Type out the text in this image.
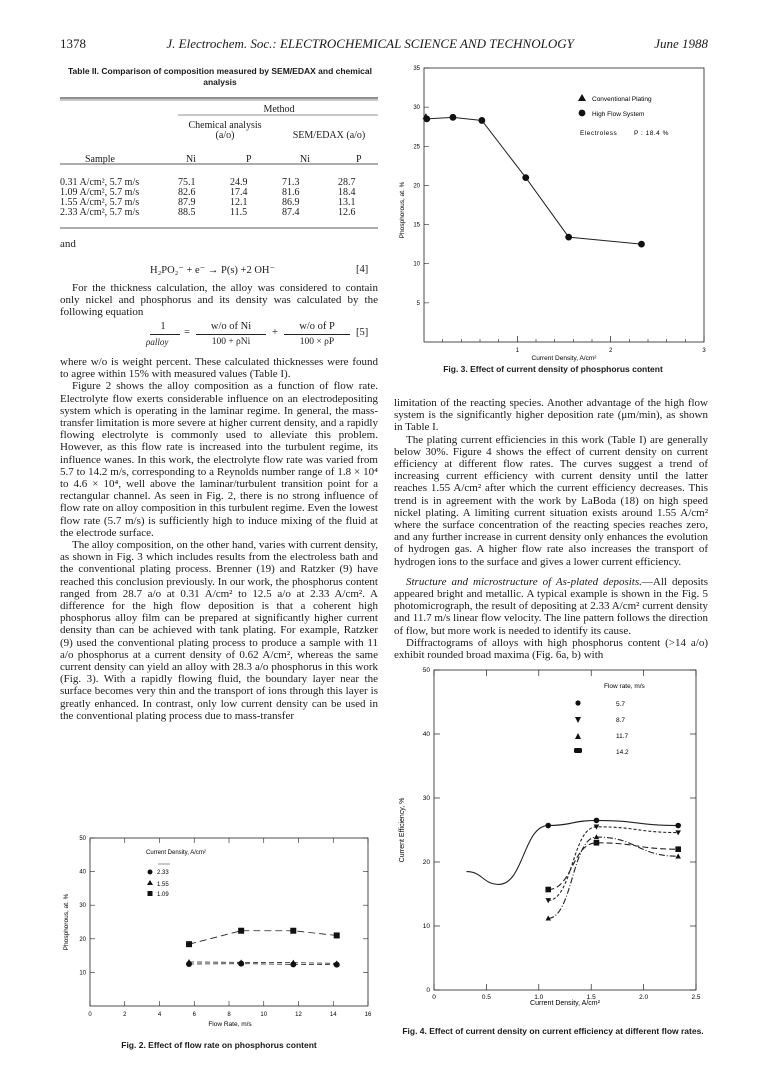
1378	J. Electrochem. Soc.: ELECTROCHEMICAL SCIENCE AND TECHNOLOGY	June 1988
Table II. Comparison of composition measured by SEM/EDAX and chemical analysis
Method
Chemical analysis (a/o)	SEM/EDAX (a/o)
Sample	Ni	P	Ni	P
0.31 A/cm², 5.7 m/s	75.1	24.9	71.3	28.7
1.09 A/cm², 5.7 m/s	82.6	17.4	81.6	18.4
1.55 A/cm², 5.7 m/s	87.9	12.1	86.9	13.1
2.33 A/cm², 5.7 m/s	88.5	11.5	87.4	12.6

and

H₂PO₂⁻ + e⁻ → P(s) +2 OH⁻	[4]

For the thickness calculation, the alloy was considered to contain only nickel and phosphorus and its density was calculated by the following equation

1
ρalloy
=
w/o of Ni
100 + ρNi
+
w/o of P
100 × ρP
[5]

where w/o is weight percent. These calculated thicknesses were found to agree within 15% with measured values (Table I).

Figure 2 shows the alloy composition as a function of flow rate. Electrolyte flow exerts considerable influence on an electrodepositing system which is operating in the laminar regime. In general, the mass-transfer limitation is more severe at higher current density, and a rapidly flowing electrolyte is commonly used to alleviate this problem. However, as this flow rate is increased into the turbulent regime, its influence wanes. In this work, the electrolyte flow rate was varied from 5.7 to 14.2 m/s, corresponding to a Reynolds number range of 1.8 × 10⁴ to 4.6 × 10⁴, well above the laminar/turbulent transition point for a rectangular channel. As seen in Fig. 2, there is no strong influence of flow rate on alloy composition in this turbulent regime. Even the lowest flow rate (5.7 m/s) is sufficiently high to induce mixing of the fluid at the electrode surface.

The alloy composition, on the other hand, varies with current density, as shown in Fig. 3 which includes results from the electroless bath and the conventional plating process. Brenner (19) and Ratzker (9) have reached this conclusion previously. In our work, the phosphorus content ranged from 28.7 a/o at 0.31 A/cm² to 12.5 a/o at 2.33 A/cm². A difference for the high flow deposition is that a coherent high phosphorus alloy film can be prepared at significantly higher current density than can be achieved with tank plating. For example, Ratzker (9) used the conventional plating process to produce a sample with 11 a/o phosphorus at a current density of 0.62 A/cm², whereas the same current density can yield an alloy with 28.3 a/o phosphorus in this work (Fig. 3). With a rapidly flowing fluid, the boundary layer near the surface becomes very thin and the transport of ions through this layer is greatly enhanced. In contrast, only low current density can be used in the conventional plating process due to mass-transfer

limitation of the reacting species. Another advantage of the high flow system is the significantly higher deposition rate (μm/min), as shown in Table I.

The plating current efficiencies in this work (Table I) are generally below 30%. Figure 4 shows the effect of current density on current efficiency at different flow rates. The curves suggest a trend of increasing current efficiency with current density until the latter reaches 1.55 A/cm² after which the current efficiency decreases. This trend is in agreement with the work by LaBoda (18) on high speed nickel plating. A limiting current situation exists around 1.55 A/cm² where the surface concentration of the reacting species reaches zero, and any further increase in current density only enhances the evolution of hydrogen gas. A higher flow rate also increases the transport of hydrogen ions to the surface and gives a lower current efficiency.

Structure and microstructure of As-plated deposits.—All deposits appeared bright and metallic. A typical example is shown in the Fig. 5 photomicrograph, the result of depositing at 2.33 A/cm² current density and 11.7 m/s linear flow velocity. The line pattern follows the direction of flow, but more work is needed to identify its cause.

Diffractograms of alloys with high phosphorus content (>14 a/o) exhibit rounded broad maxima (Fig. 6a, b) with

35
30
25
20
15
10
5
1	2	3
Conventional Plating
High Flow System
Electroless	P : 18.4 %
Current Density, A/cm²
Phosphorous, at. %
Fig. 3. Effect of current density of phosphorus content
50
40
30
20
10
0	2	4	6	8	10	12	14	16
Current Density, A/cm²
2.33
1.55
1.09
Flow Rate, m/s
Phosphorous, at. %
Fig. 2. Effect of flow rate on phosphorus content
50
40
30
20
10
0
0	0.5	1.0	1.5	2.0	2.5
Flow rate, m/s
5.7
8.7
11.7
14.2
Current Density, A/cm²
Current Efficiency, %
Fig. 4. Effect of current density on current efficiency at different flow rates.
